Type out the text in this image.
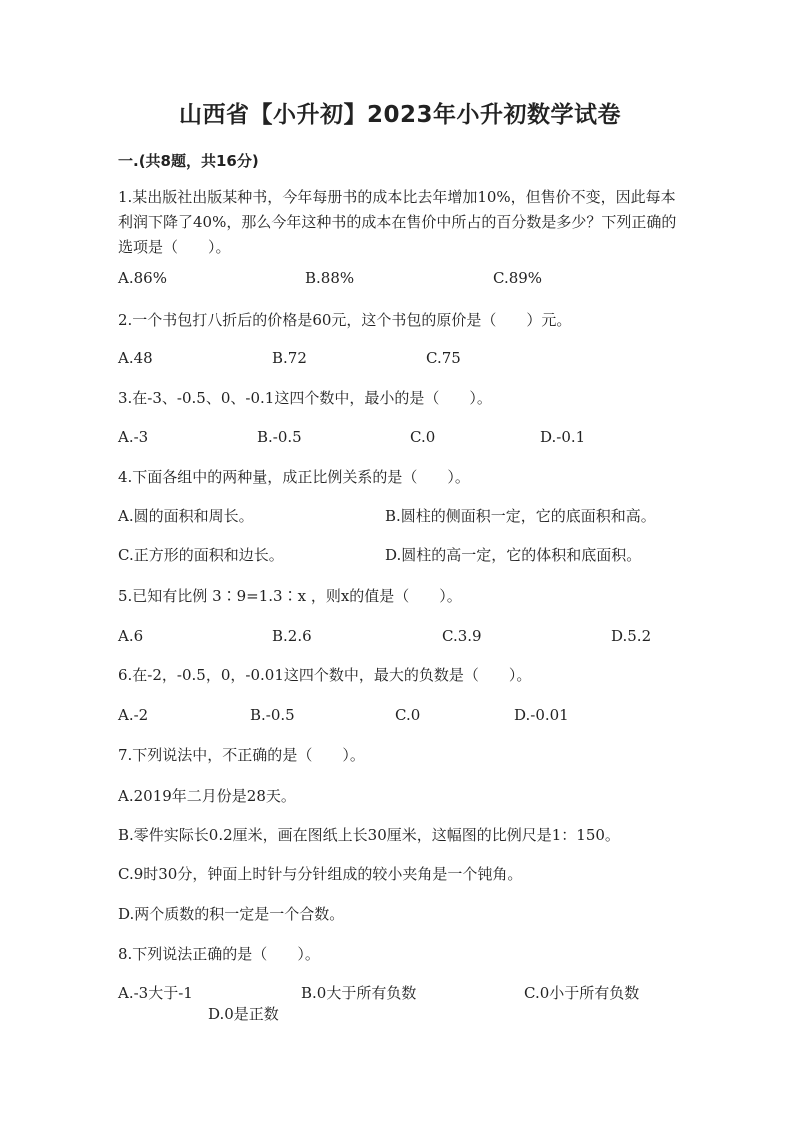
山西省【小升初】2023年小升初数学试卷
一.(共8题，共16分)
1.某出版社出版某种书，今年每册书的成本比去年增加10%，但售价不变，因此每本利润下降了40%，那么今年这种书的成本在售价中所占的百分数是多少？下列正确的选项是（　　）。
A.86%	B.88%	C.89%
2.一个书包打八折后的价格是60元，这个书包的原价是（　　）元。
A.48	B.72	C.75
3.在-3、-0.5、0、-0.1这四个数中，最小的是（　　）。
A.-3	B.-0.5	C.0	D.-0.1
4.下面各组中的两种量，成正比例关系的是（　　）。
A.圆的面积和周长。	B.圆柱的侧面积一定，它的底面积和高。
C.正方形的面积和边长。	D.圆柱的高一定，它的体积和底面积。
5.已知有比例 3∶9=1.3∶x ，则x的值是（　　）。
A.6	B.2.6	C.3.9	D.5.2
6.在-2，-0.5，0，-0.01这四个数中，最大的负数是（　　）。
A.-2	B.-0.5	C.0	D.-0.01
7.下列说法中，不正确的是（　　）。
A.2019年二月份是28天。
B.零件实际长0.2厘米，画在图纸上长30厘米，这幅图的比例尺是1：150。
C.9时30分，钟面上时针与分针组成的较小夹角是一个钝角。
D.两个质数的积一定是一个合数。
8.下列说法正确的是（　　）。
A.-3大于-1	B.0大于所有负数	C.0小于所有负数
D.0是正数
